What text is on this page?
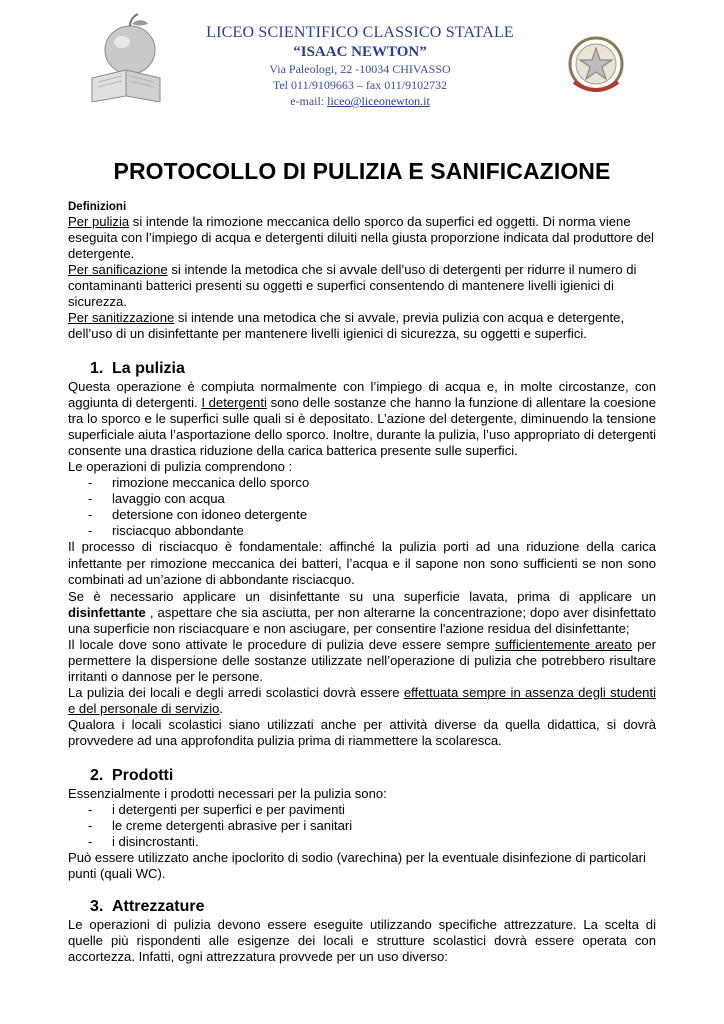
LICEO SCIENTIFICO CLASSICO STATALE
“ISAAC NEWTON”
Via Paleologi, 22 -10034 CHIVASSO
Tel 011/9109663 – fax 011/9102732
e-mail: liceo@liceonewton.it
PROTOCOLLO DI PULIZIA E SANIFICAZIONE

Definizioni

Per pulizia si intende la rimozione meccanica dello sporco da superfici ed oggetti. Di norma viene eseguita con l’impiego di acqua e detergenti diluiti nella giusta proporzione indicata dal produttore del detergente.

Per sanificazione si intende la metodica che si avvale dell’uso di detergenti per ridurre il numero di contaminanti batterici presenti su oggetti e superfici consentendo di mantenere livelli igienici di sicurezza.

Per sanitizzazione si intende una metodica che si avvale, previa pulizia con acqua e detergente, dell’uso di un disinfettante per mantenere livelli igienici di sicurezza, su oggetti e superfici.

1. La pulizia

Questa operazione è compiuta normalmente con l’impiego di acqua e, in molte circostanze, con aggiunta di detergenti. I detergenti sono delle sostanze che hanno la funzione di allentare la coesione tra lo sporco e le superfici sulle quali si è depositato. L’azione del detergente, diminuendo la tensione superficiale aiuta l’asportazione dello sporco. Inoltre, durante la pulizia, l’uso appropriato di detergenti consente una drastica riduzione della carica batterica presente sulle superfici.

Le operazioni di pulizia comprendono :

- rimozione meccanica dello sporco
- lavaggio con acqua
- detersione con idoneo detergente
- risciacquo abbondante

Il processo di risciacquo è fondamentale: affinché la pulizia porti ad una riduzione della carica infettante per rimozione meccanica dei batteri, l’acqua e il sapone non sono sufficienti se non sono combinati ad un’azione di abbondante risciacquo.

Se è necessario applicare un disinfettante su una superficie lavata, prima di applicare un disinfettante , aspettare che sia asciutta, per non alterarne la concentrazione; dopo aver disinfettato una superficie non risciacquare e non asciugare, per consentire l'azione residua del disinfettante;

Il locale dove sono attivate le procedure di pulizia deve essere sempre sufficientemente areato per permettere la dispersione delle sostanze utilizzate nell’operazione di pulizia che potrebbero risultare irritanti o dannose per le persone.

La pulizia dei locali e degli arredi scolastici dovrà essere effettuata sempre in assenza degli studenti e del personale di servizio.

Qualora i locali scolastici siano utilizzati anche per attività diverse da quella didattica, si dovrà provvedere ad una approfondita pulizia prima di riammettere la scolaresca.

2. Prodotti

Essenzialmente i prodotti necessari per la pulizia sono:

- i detergenti per superfici e per pavimenti
- le creme detergenti abrasive per i sanitari
- i disincrostanti.

Può essere utilizzato anche ipoclorito di sodio (varechina) per la eventuale disinfezione di particolari punti (quali WC).

3. Attrezzature

Le operazioni di pulizia devono essere eseguite utilizzando specifiche attrezzature. La scelta di quelle più rispondenti alle esigenze dei locali e strutture scolastici dovrà essere operata con accortezza. Infatti, ogni attrezzatura provvede per un uso diverso:
